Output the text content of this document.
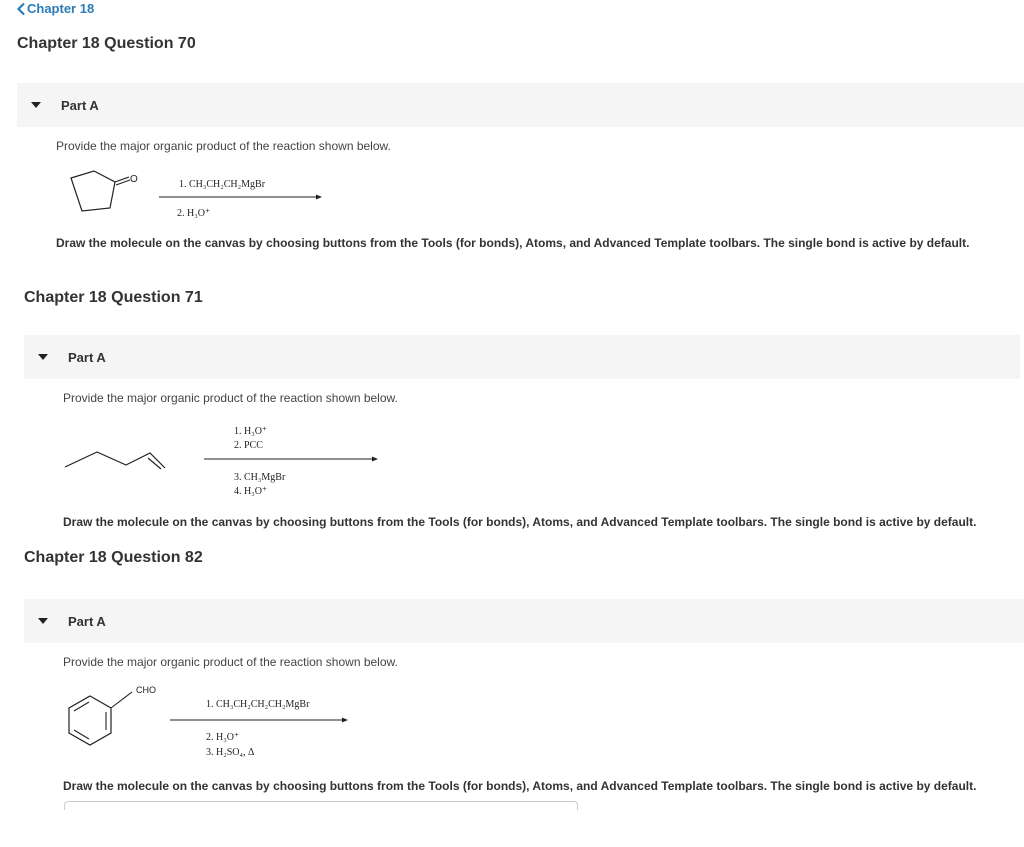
Chapter 18
Chapter 18 Question 70
Part A
Provide the major organic product of the reaction shown below.
O	1. CH₃CH₂CH₂MgBr
2. H₃O⁺
Draw the molecule on the canvas by choosing buttons from the Tools (for bonds), Atoms, and Advanced Template toolbars. The single bond is active by default.
Chapter 18 Question 71
Part A
Provide the major organic product of the reaction shown below.
1. H₃O⁺
2. PCC
3. CH₃MgBr
4. H₃O⁺
Draw the molecule on the canvas by choosing buttons from the Tools (for bonds), Atoms, and Advanced Template toolbars. The single bond is active by default.
Chapter 18 Question 82
Part A
Provide the major organic product of the reaction shown below.
CHO
1. CH₃CH₂CH₂CH₂MgBr
2. H₃O⁺
3. H₂SO₄, Δ
Draw the molecule on the canvas by choosing buttons from the Tools (for bonds), Atoms, and Advanced Template toolbars. The single bond is active by default.
